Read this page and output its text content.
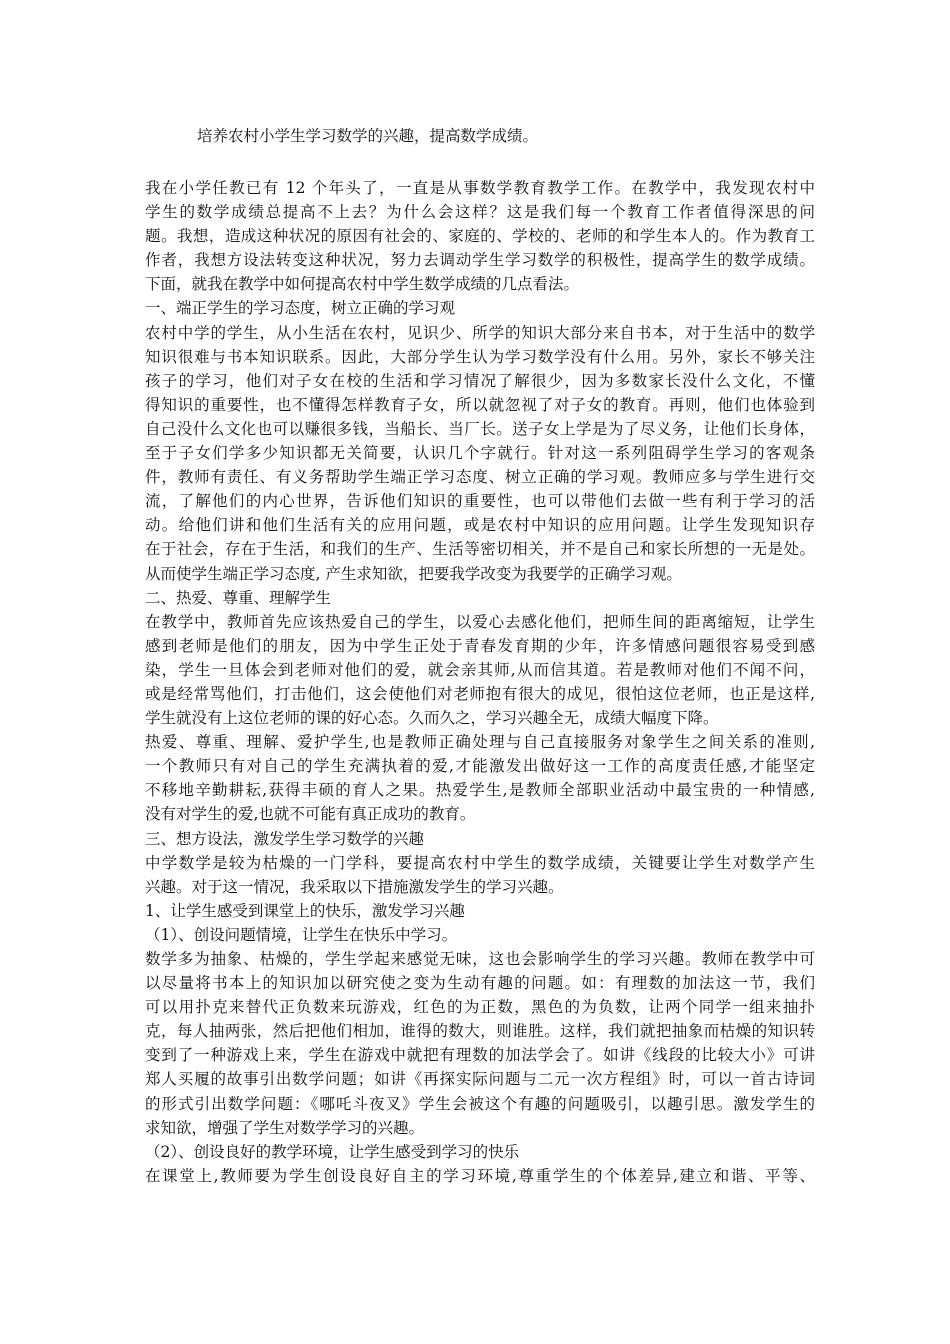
培养农村小学生学习数学的兴趣，提高数学成绩。
我在小学任教已有 12 个年头了，一直是从事数学教育教学工作。在教学中，我发现农村中
学生的数学成绩总提高不上去？为什么会这样？这是我们每一个教育工作者值得深思的问
题。我想，造成这种状况的原因有社会的、家庭的、学校的、老师的和学生本人的。作为教育工
作者，我想方设法转变这种状况，努力去调动学生学习数学的积极性，提高学生的数学成绩。
下面，就我在教学中如何提高农村中学生数学成绩的几点看法。
一、端正学生的学习态度，树立正确的学习观
农村中学的学生，从小生活在农村，见识少、所学的知识大部分来自书本，对于生活中的数学
知识很难与书本知识联系。因此，大部分学生认为学习数学没有什么用。另外，家长不够关注
孩子的学习，他们对子女在校的生活和学习情况了解很少，因为多数家长没什么文化，不懂
得知识的重要性，也不懂得怎样教育子女，所以就忽视了对子女的教育。再则，他们也体验到
自己没什么文化也可以赚很多钱，当船长、当厂长。送子女上学是为了尽义务，让他们长身体，
至于子女们学多少知识都无关简要，认识几个字就行。针对这一系列阻碍学生学习的客观条
件，教师有责任、有义务帮助学生端正学习态度、树立正确的学习观。教师应多与学生进行交
流，了解他们的内心世界，告诉他们知识的重要性，也可以带他们去做一些有利于学习的活
动。给他们讲和他们生活有关的应用问题，或是农村中知识的应用问题。让学生发现知识存
在于社会，存在于生活，和我们的生产、生活等密切相关，并不是自己和家长所想的一无是处。
从而使学生端正学习态度, 产生求知欲，把要我学改变为我要学的正确学习观。
二、热爱、尊重、理解学生
在教学中，教师首先应该热爱自己的学生，以爱心去感化他们，把师生间的距离缩短，让学生
感到老师是他们的朋友，因为中学生正处于青春发育期的少年，许多情感问题很容易受到感
染，学生一旦体会到老师对他们的爱，就会亲其师,从而信其道。若是教师对他们不闻不问，
或是经常骂他们，打击他们，这会使他们对老师抱有很大的成见，很怕这位老师，也正是这样,
学生就没有上这位老师的课的好心态。久而久之，学习兴趣全无，成绩大幅度下降。
热爱、尊重、理解、爱护学生,也是教师正确处理与自己直接服务对象学生之间关系的准则,
一个教师只有对自己的学生充满执着的爱,才能激发出做好这一工作的高度责任感,才能坚定
不移地辛勤耕耘,获得丰硕的育人之果。热爱学生,是教师全部职业活动中最宝贵的一种情感,
没有对学生的爱,也就不可能有真正成功的教育。
三、想方设法，激发学生学习数学的兴趣
中学数学是较为枯燥的一门学科，要提高农村中学生的数学成绩，关键要让学生对数学产生
兴趣。对于这一情况，我采取以下措施激发学生的学习兴趣。
1、让学生感受到课堂上的快乐，激发学习兴趣
（1）、创设问题情境，让学生在快乐中学习。
数学多为抽象、枯燥的，学生学起来感觉无味，这也会影响学生的学习兴趣。教师在教学中可
以尽量将书本上的知识加以研究使之变为生动有趣的问题。如：有理数的加法这一节，我们
可以用扑克来替代正负数来玩游戏，红色的为正数，黑色的为负数，让两个同学一组来抽扑
克，每人抽两张，然后把他们相加，谁得的数大，则谁胜。这样，我们就把抽象而枯燥的知识转
变到了一种游戏上来，学生在游戏中就把有理数的加法学会了。如讲《线段的比较大小》可讲
郑人买履的故事引出数学问题；如讲《再探实际问题与二元一次方程组》时，可以一首古诗词
的形式引出数学问题：《哪吒斗夜叉》学生会被这个有趣的问题吸引，以趣引思。激发学生的
求知欲，增强了学生对数学学习的兴趣。
（2）、创设良好的教学环境，让学生感受到学习的快乐
在课堂上,教师要为学生创设良好自主的学习环境,尊重学生的个体差异,建立和谐、平等、
